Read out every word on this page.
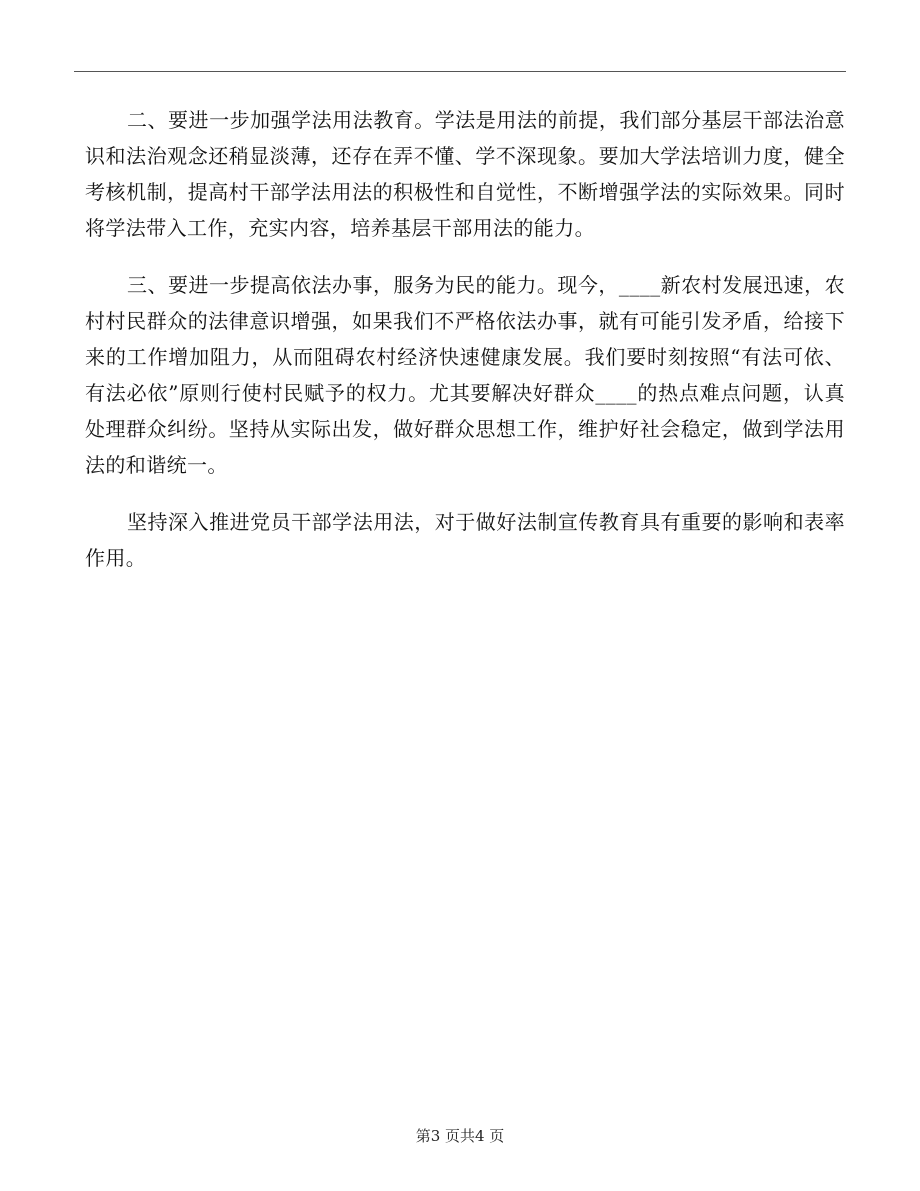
二、要进一步加强学法用法教育。学法是用法的前提，我们部分基层干部法治意识和法治观念还稍显淡薄，还存在弄不懂、学不深现象。要加大学法培训力度，健全考核机制，提高村干部学法用法的积极性和自觉性，不断增强学法的实际效果。同时将学法带入工作，充实内容，培养基层干部用法的能力。

三、要进一步提高依法办事，服务为民的能力。现今，____新农村发展迅速，农村村民群众的法律意识增强，如果我们不严格依法办事，就有可能引发矛盾，给接下来的工作增加阻力，从而阻碍农村经济快速健康发展。我们要时刻按照“有法可依、有法必依”原则行使村民赋予的权力。尤其要解决好群众____的热点难点问题，认真处理群众纠纷。坚持从实际出发，做好群众思想工作，维护好社会稳定，做到学法用法的和谐统一。

坚持深入推进党员干部学法用法，对于做好法制宣传教育具有重要的影响和表率作用。

第3 页共4 页
